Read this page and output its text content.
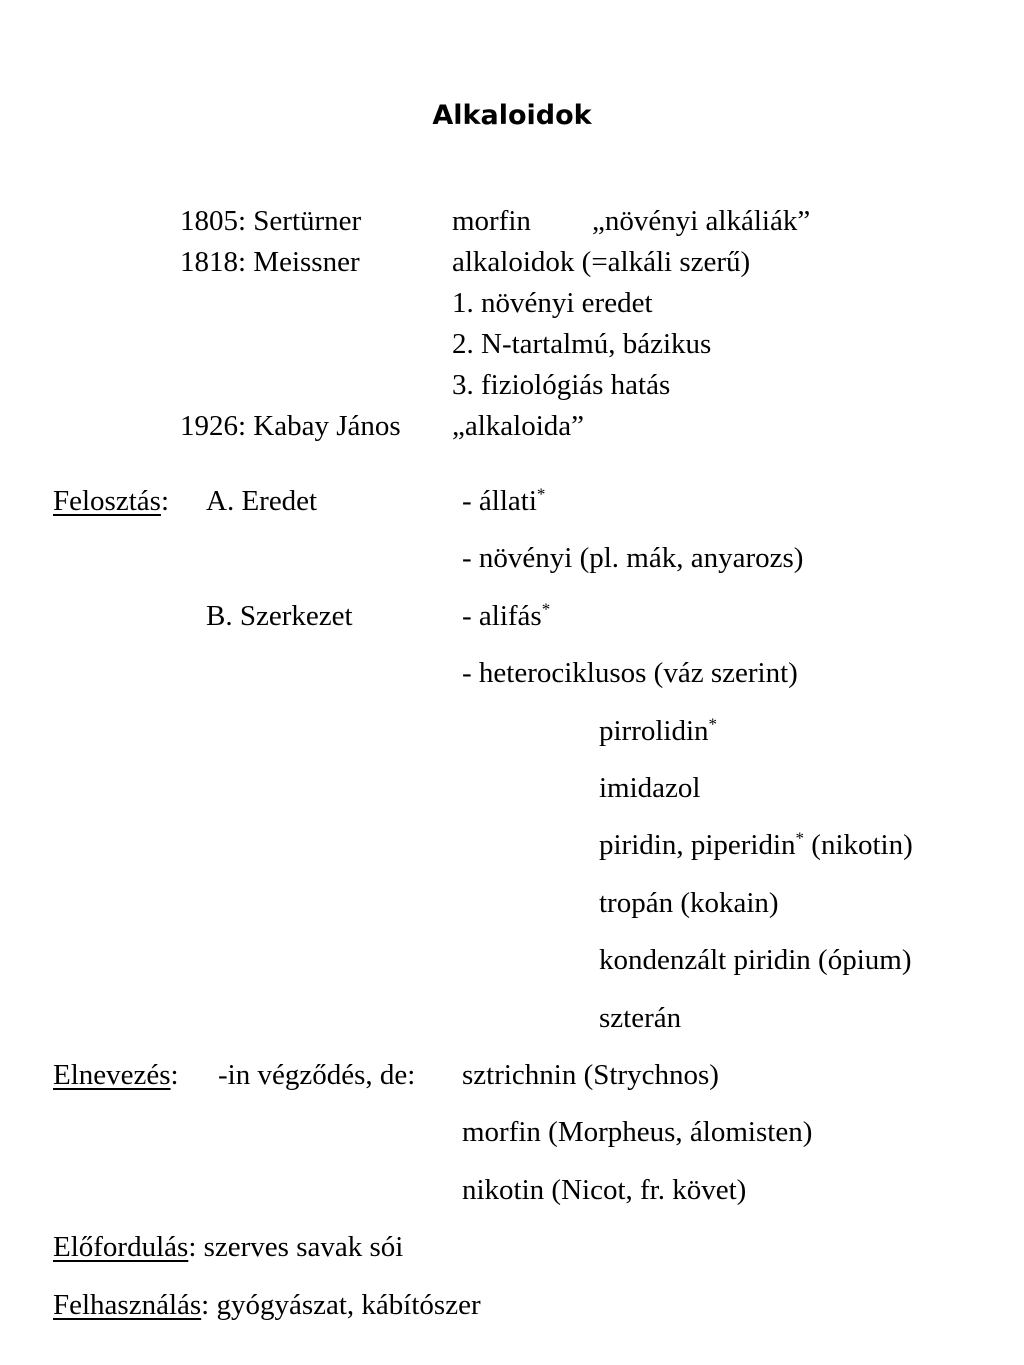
Alkaloidok
1805: Sertürner	morfin „növényi alkáliák”
1818: Meissner	alkaloidok (=alkáli szerű)
1. növényi eredet
2. N-tartalmú, bázikus
3. fiziológiás hatás
1926: Kabay János „alkaloida”
Felosztás: A. Eredet	- állati*
- növényi (pl. mák, anyarozs)
B. Szerkezet	- alifás*
- heterociklusos (váz szerint)
pirrolidin*
imidazol
piridin, piperidin* (nikotin)
tropán (kokain)
kondenzált piridin (ópium)
szterán
Elnevezés: -in végződés, de: sztrichnin (Strychnos)
morfin (Morpheus, álomisten)
nikotin (Nicot, fr. követ)
Előfordulás: szerves savak sói
Felhasználás: gyógyászat, kábítószer
